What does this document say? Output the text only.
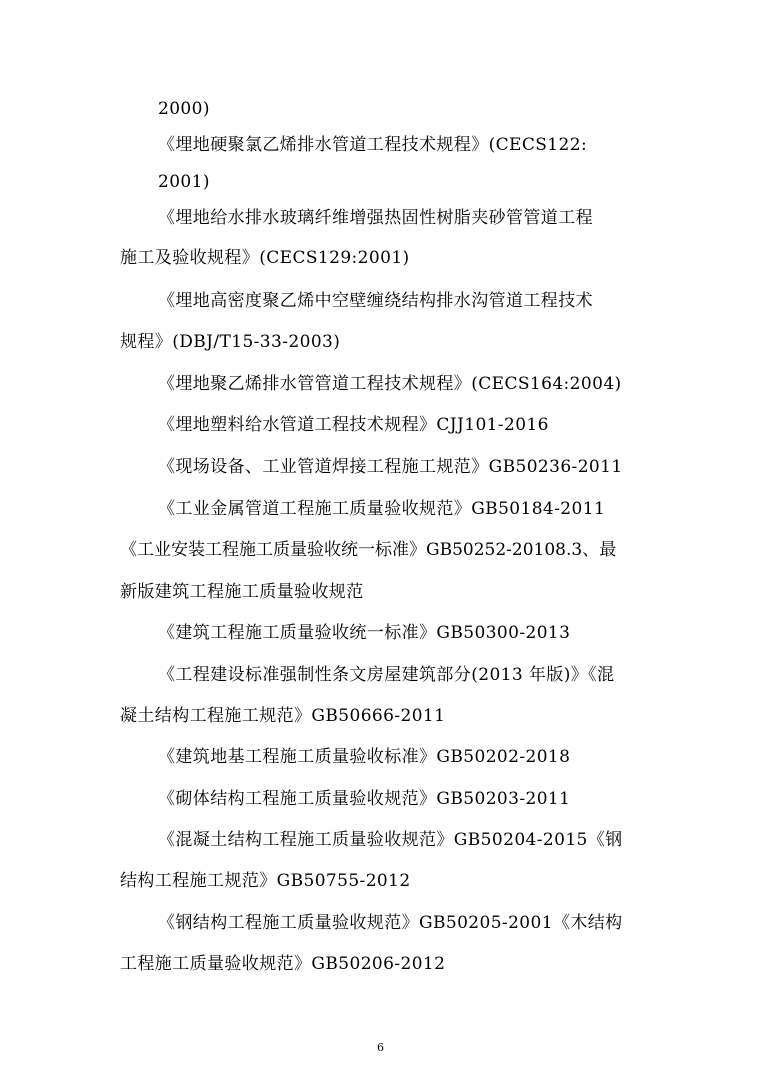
2000)
《埋地硬聚氯乙烯排水管道工程技术规程》(CECS122:
2001)
《埋地给水排水玻璃纤维增强热固性树脂夹砂管管道工程
施工及验收规程》(CECS129:2001)
《埋地高密度聚乙烯中空壁缠绕结构排水沟管道工程技术
规程》(DBJ/T15-33-2003)
《埋地聚乙烯排水管管道工程技术规程》(CECS164:2004)
《埋地塑料给水管道工程技术规程》CJJ101-2016
《现场设备、工业管道焊接工程施工规范》GB50236-2011
《工业金属管道工程施工质量验收规范》GB50184-2011
《工业安装工程施工质量验收统一标准》GB50252-20108.3、最
新版建筑工程施工质量验收规范
《建筑工程施工质量验收统一标准》GB50300-2013
《工程建设标准强制性条文房屋建筑部分(2013 年版)》《混
凝土结构工程施工规范》GB50666-2011
《建筑地基工程施工质量验收标准》GB50202-2018
《砌体结构工程施工质量验收规范》GB50203-2011
《混凝土结构工程施工质量验收规范》GB50204-2015《钢
结构工程施工规范》GB50755-2012
《钢结构工程施工质量验收规范》GB50205-2001《木结构
工程施工质量验收规范》GB50206-2012
6
